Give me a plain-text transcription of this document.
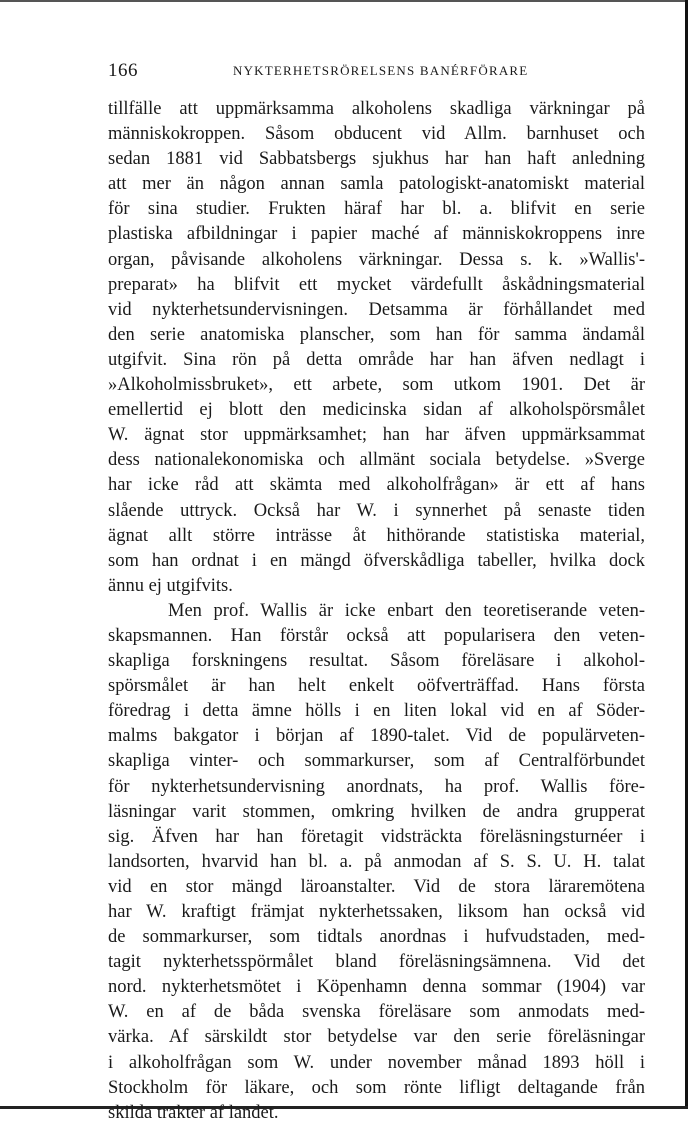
166	NYKTERHETSRÖRELSENS BANÉRFÖRARE
tillfälle att uppmärksamma alkoholens skadliga värkningar på
människokroppen. Såsom obducent vid Allm. barnhuset och
sedan 1881 vid Sabbatsbergs sjukhus har han haft anledning
att mer än någon annan samla patologiskt-anatomiskt material
för sina studier. Frukten häraf har bl. a. blifvit en serie
plastiska afbildningar i papier maché af människokroppens inre
organ, påvisande alkoholens värkningar. Dessa s. k. »Wallis'-
preparat» ha blifvit ett mycket värdefullt åskådningsmaterial
vid nykterhetsundervisningen. Detsamma är förhållandet med
den serie anatomiska planscher, som han för samma ändamål
utgifvit. Sina rön på detta område har han äfven nedlagt i
»Alkoholmissbruket», ett arbete, som utkom 1901. Det är
emellertid ej blott den medicinska sidan af alkoholspörsmålet
W. ägnat stor uppmärksamhet; han har äfven uppmärksammat
dess nationalekonomiska och allmänt sociala betydelse. »Sverge
har icke råd att skämta med alkoholfrågan» är ett af hans
slående uttryck. Också har W. i synnerhet på senaste tiden
ägnat allt större inträsse åt hithörande statistiska material,
som han ordnat i en mängd öfverskådliga tabeller, hvilka dock
ännu ej utgifvits.
Men prof. Wallis är icke enbart den teoretiserande veten-
skapsmannen. Han förstår också att popularisera den veten-
skapliga forskningens resultat. Såsom föreläsare i alkohol-
spörsmålet är han helt enkelt oöfverträffad. Hans första
föredrag i detta ämne hölls i en liten lokal vid en af Söder-
malms bakgator i början af 1890-talet. Vid de populärveten-
skapliga vinter- och sommarkurser, som af Centralförbundet
för nykterhetsundervisning anordnats, ha prof. Wallis före-
läsningar varit stommen, omkring hvilken de andra grupperat
sig. Äfven har han företagit vidsträckta föreläsningsturnéer i
landsorten, hvarvid han bl. a. på anmodan af S. S. U. H. talat
vid en stor mängd läroanstalter. Vid de stora läraremötena
har W. kraftigt främjat nykterhetssaken, liksom han också vid
de sommarkurser, som tidtals anordnas i hufvudstaden, med-
tagit nykterhetsspörmålet bland föreläsningsämnena. Vid det
nord. nykterhetsmötet i Köpenhamn denna sommar (1904) var
W. en af de båda svenska föreläsare som anmodats med-
värka. Af särskildt stor betydelse var den serie föreläsningar
i alkoholfrågan som W. under november månad 1893 höll i
Stockholm för läkare, och som rönte lifligt deltagande från
skilda trakter af landet.
